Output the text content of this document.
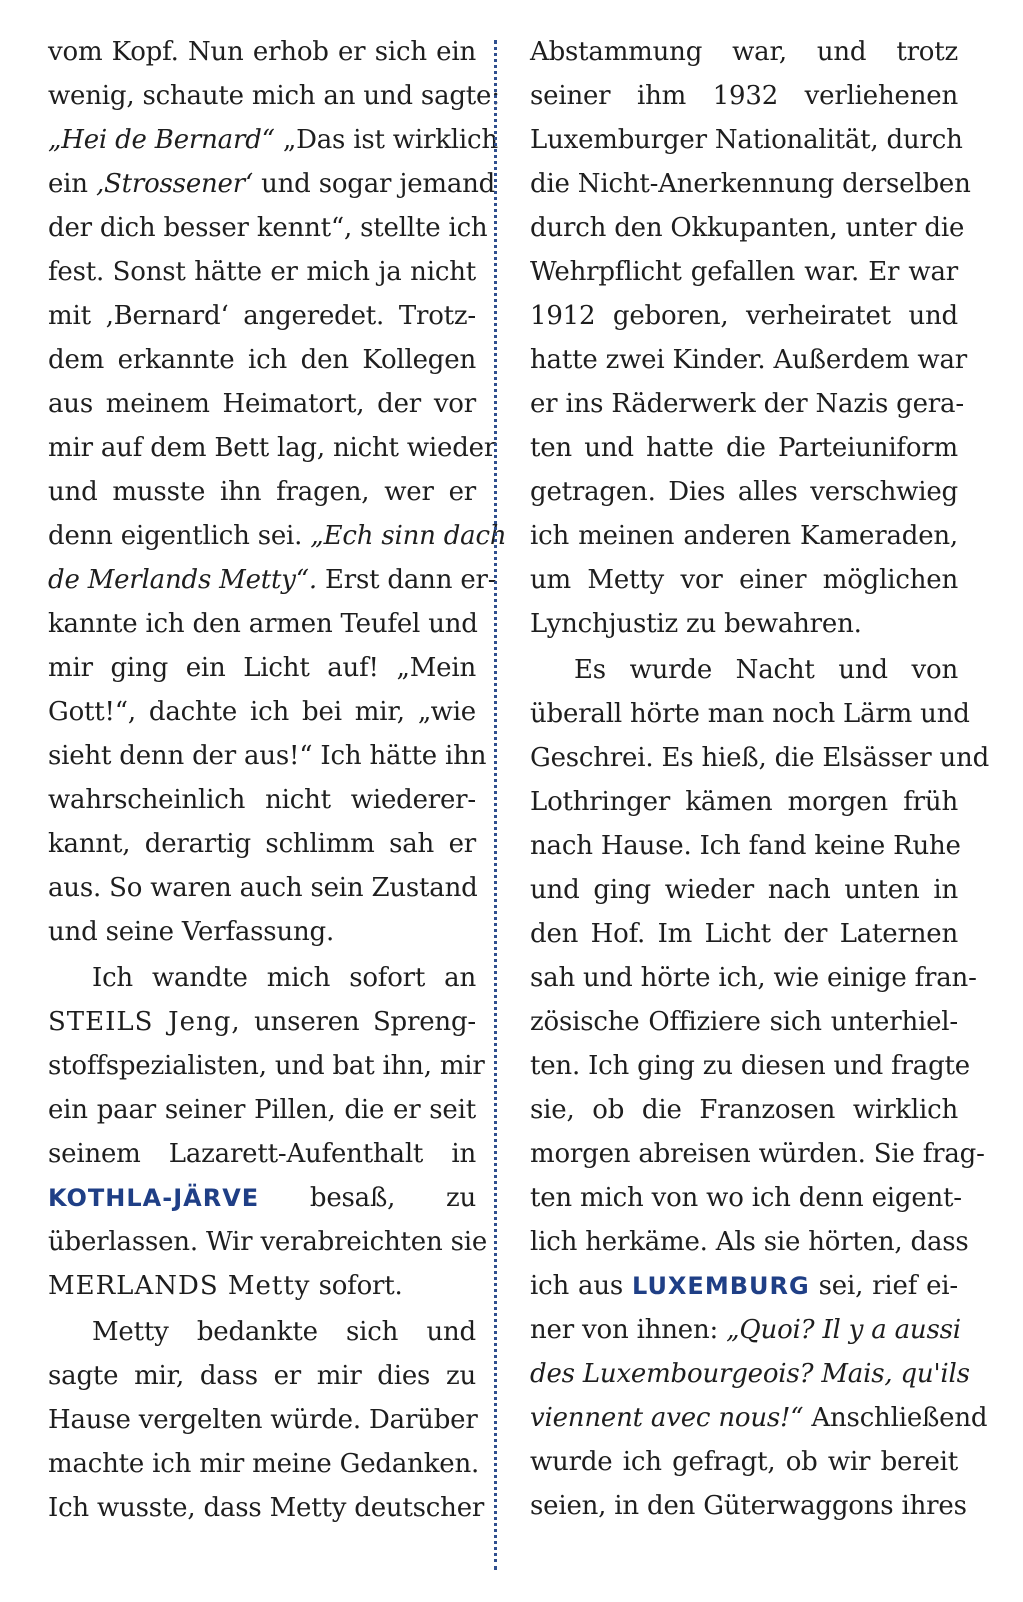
vom Kopf. Nun erhob er sich ein
wenig, schaute mich an und sagte:
„Hei de Bernard“ „Das ist wirklich
ein ‚Strossener‘ und sogar jemand
der dich besser kennt“, stellte ich
fest. Sonst hätte er mich ja nicht
mit ‚Bernard‘ angeredet. Trotz-
dem erkannte ich den Kollegen
aus meinem Heimatort, der vor
mir auf dem Bett lag, nicht wieder
und musste ihn fragen, wer er
denn eigentlich sei. „Ech sinn dach
de Merlands Metty“. Erst dann er-
kannte ich den armen Teufel und
mir ging ein Licht auf! „Mein
Gott!“, dachte ich bei mir, „wie
sieht denn der aus!“ Ich hätte ihn
wahrscheinlich nicht wiederer-
kannt, derartig schlimm sah er
aus. So waren auch sein Zustand
und seine Verfassung.
Ich wandte mich sofort an
STEILS Jeng, unseren Spreng-
stoffspezialisten, und bat ihn, mir
ein paar seiner Pillen, die er seit
seinem Lazarett-Aufenthalt in
KOTHLA-JÄRVE besaß, zu
überlassen. Wir verabreichten sie
MERLANDS Metty sofort.
Metty bedankte sich und
sagte mir, dass er mir dies zu
Hause vergelten würde. Darüber
machte ich mir meine Gedanken.
Ich wusste, dass Metty deutscher
Abstammung war, und trotz
seiner ihm 1932 verliehenen
Luxemburger Nationalität, durch
die Nicht-Anerkennung derselben
durch den Okkupanten, unter die
Wehrpflicht gefallen war. Er war
1912 geboren, verheiratet und
hatte zwei Kinder. Außerdem war
er ins Räderwerk der Nazis gera-
ten und hatte die Parteiuniform
getragen. Dies alles verschwieg
ich meinen anderen Kameraden,
um Metty vor einer möglichen
Lynchjustiz zu bewahren.
Es wurde Nacht und von
überall hörte man noch Lärm und
Geschrei. Es hieß, die Elsässer und
Lothringer kämen morgen früh
nach Hause. Ich fand keine Ruhe
und ging wieder nach unten in
den Hof. Im Licht der Laternen
sah und hörte ich, wie einige fran-
zösische Offiziere sich unterhiel-
ten. Ich ging zu diesen und fragte
sie, ob die Franzosen wirklich
morgen abreisen würden. Sie frag-
ten mich von wo ich denn eigent-
lich herkäme. Als sie hörten, dass
ich aus LUXEMBURG sei, rief ei-
ner von ihnen: „Quoi? Il y a aussi
des Luxembourgeois? Mais, qu'ils
viennent avec nous!“ Anschließend
wurde ich gefragt, ob wir bereit
seien, in den Güterwaggons ihres
